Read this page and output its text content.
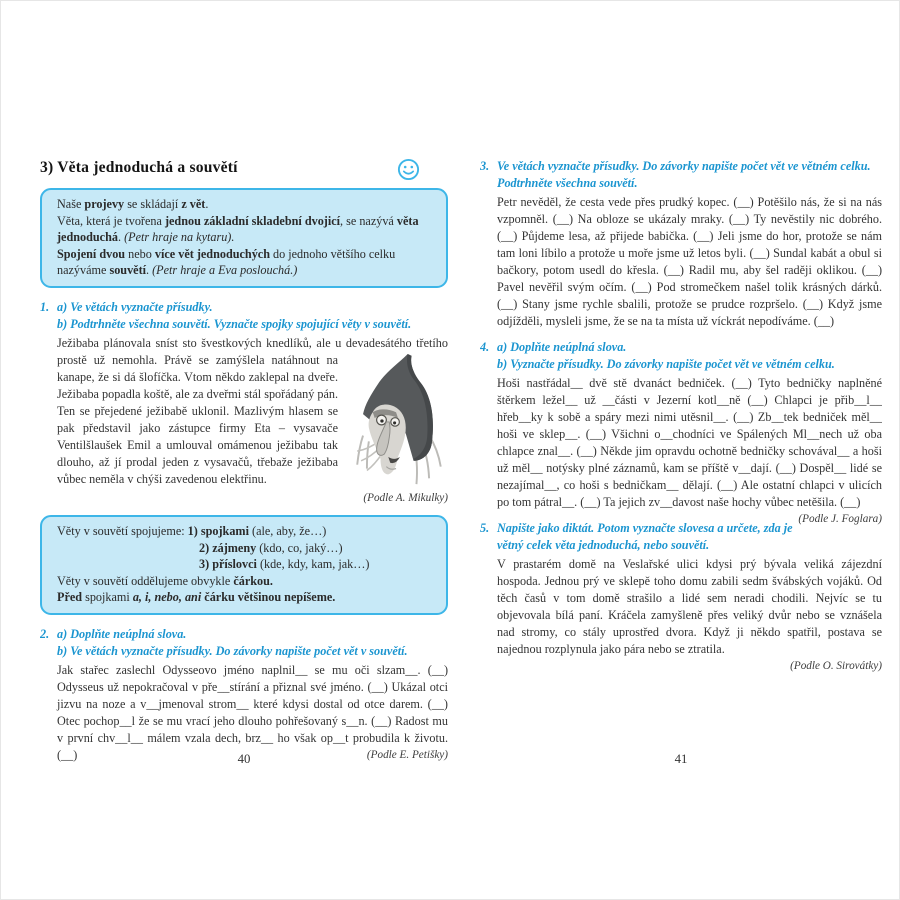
3) Věta jednoduchá a souvětí
Naše projevy se skládají z vět.
Věta, která je tvořena jednou základní skladební dvojicí, se nazývá věta jednoduchá. (Petr hraje na kytaru).
Spojení dvou nebo více vět jednoduchých do jednoho většího celku nazýváme souvětí. (Petr hraje a Eva poslouchá.)
1. a) Ve větách vyznačte přísudky.
b) Podtrhněte všechna souvětí. Vyznačte spojky spojující věty v souvětí.
Ježibaba plánovala sníst sto švestkových knedlíků, ale u devadesátého třetího prostě už nemohla. Právě se zamýšlela natáhnout na kanape, že si dá šlofíčka. Vtom někdo zaklepal na dveře. Ježibaba popadla koště, ale za dveřmi stál spořádaný pán. Ten se přejedené ježibabě uklonil. Mazlivým hlasem se pak představil jako zástupce firmy Eta – vysavače Ventilšlaušek Emil a umlouval omámenou ježibabu tak dlouho, až jí prodal jeden z vysavačů, třebaže ježibaba vůbec neměla v chýši zavedenou elektřinu.
(Podle A. Mikulky)
Věty v souvětí spojujeme: 1) spojkami (ale, aby, že…)
2) zájmeny (kdo, co, jaký…)
3) příslovci (kde, kdy, kam, jak…)
Věty v souvětí oddělujeme obvykle čárkou.
Před spojkami a, i, nebo, ani čárku většinou nepíšeme.
2. a) Doplňte neúplná slova.
b) Ve větách vyznačte přísudky. Do závorky napište počet vět v souvětí.
Jak stařec zaslechl Odysseovo jméno naplnil__ se mu oči slzam__. (__) Odysseus už nepokračoval v pře__stírání a přiznal své jméno. (__) Ukázal otci jizvu na noze a v__jmenoval strom__ které kdysi dostal od otce darem. (__) Otec pochop__l že se mu vrací jeho dlouho pohřešovaný s__n. (__) Radost mu v první chv__l__ málem vzala dech, brz__ ho však op__t probudila k životu. (__)	(Podle E. Petišky)
40
3. Ve větách vyznačte přísudky. Do závorky napište počet vět ve větném celku. Podtrhněte všechna souvětí.
Petr nevěděl, že cesta vede přes prudký kopec. (__) Potěšilo nás, že si na nás vzpomněl. (__) Na obloze se ukázaly mraky. (__) Ty nevěstily nic dobrého. (__) Půjdeme lesa, až přijede babička. (__) Jeli jsme do hor, protože se nám tam loni líbilo a protože u moře jsme už letos byli. (__) Sundal kabát a obul si bačkory, potom usedl do křesla. (__) Radil mu, aby šel raději oklikou. (__) Pavel nevěřil svým očím. (__) Pod stromečkem našel tolik krásných dárků. (__) Stany jsme rychle sbalili, protože se prudce rozpršelo. (__) Když jsme odjížděli, mysleli jsme, že se na ta místa už víckrát nepodíváme. (__)
4. a) Doplňte neúplná slova.
b) Vyznačte přísudky. Do závorky napište počet vět ve větném celku.
Hoši nastřádal__ dvě stě dvanáct bedniček. (__) Tyto bedničky naplněné štěrkem ležel__ už __části v Jezerní kotl__ně (__) Chlapci je přib__l__ hřeb__ky k sobě a spáry mezi nimi utěsnil__. (__) Zb__tek bedniček měl__ hoši ve sklep__. (__) Všichni o__chodníci ve Spálených Ml__nech už oba chlapce znal__. (__) Někde jim opravdu ochotně bedničky schovával__ a hoši už měl__ notýsky plné záznamů, kam se příště v__dají. (__) Dospěl__ lidé se nezajímal__, co hoši s bedničkam__ dělají. (__) Ale ostatní chlapci v ulicích po tom pátral__. (__) Ta jejich zv__davost naše hochy vůbec netěšila. (__)
(Podle J. Foglara)
5. Napište jako diktát. Potom vyznačte slovesa a určete, zda je větný celek věta jednoduchá, nebo souvětí.
V prastarém domě na Veslařské ulici kdysi prý bývala veliká zájezdní hospoda. Jednou prý ve sklepě toho domu zabili sedm švábských vojáků. Od těch časů v tom domě strašilo a lidé sem neradi chodili. Nejvíc se tu objevovala bílá paní. Kráčela zamyšleně přes veliký dvůr nebo se vznášela nad stromy, co stály uprostřed dvora. Když ji někdo spatřil, postava se najednou rozplynula jako pára nebo se ztratila.
(Podle O. Sirovátky)
41
